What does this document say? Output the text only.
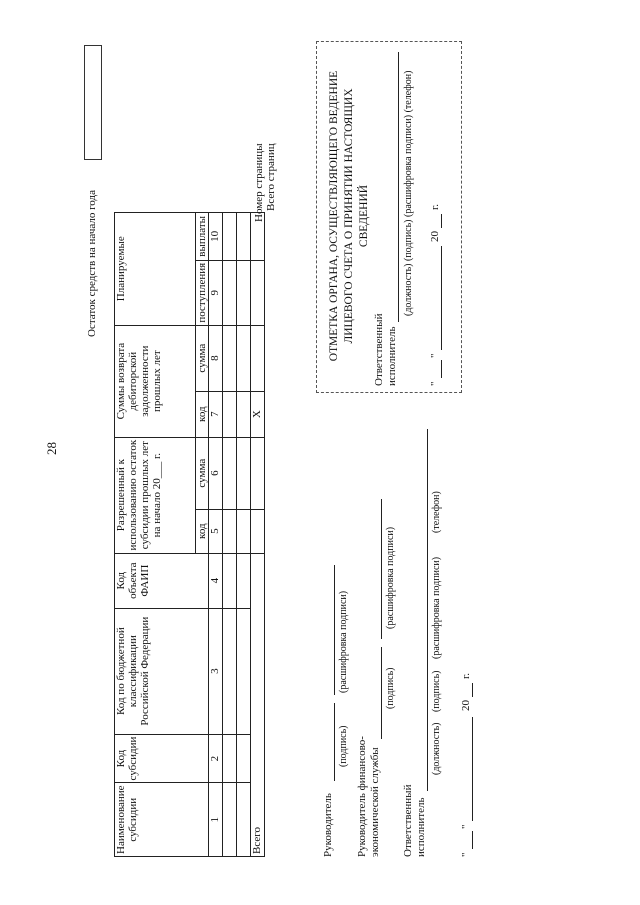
28
Остаток средств на начало года
Наименование субсидии	Код субсидии	Код по бюджетной классификации Российской Федерации	Код объекта ФАИП	Разрешенный к использованию остаток субсидии прошлых лет на начало 20___ г.		Суммы возврата дебиторской задолженности прошлых лет		Планируемые	
				код	сумма	код	сумма	поступления	выплаты
1	2	3	4	5	6	7	8	9	10

Всего						X			
Номер страницы Всего страниц
Руководитель
(подпись)
(расшифровка подписи)
Руководитель финансово- экономической службы
(подпись)
(расшифровка подписи)
Ответственный исполнитель
(должность)
(подпись)
(расшифровка подписи)
(телефон)
"
"
20
г.
ОТМЕТКА ОРГАНА, ОСУЩЕСТВЛЯЮЩЕГО ВЕДЕНИЕ ЛИЦЕВОГО СЧЕТА О ПРИНЯТИИ НАСТОЯЩИХ СВЕДЕНИЙ
Ответственный исполнитель
(должность) (подпись) (расшифровка подписи) (телефон)
"
"
20
г.
